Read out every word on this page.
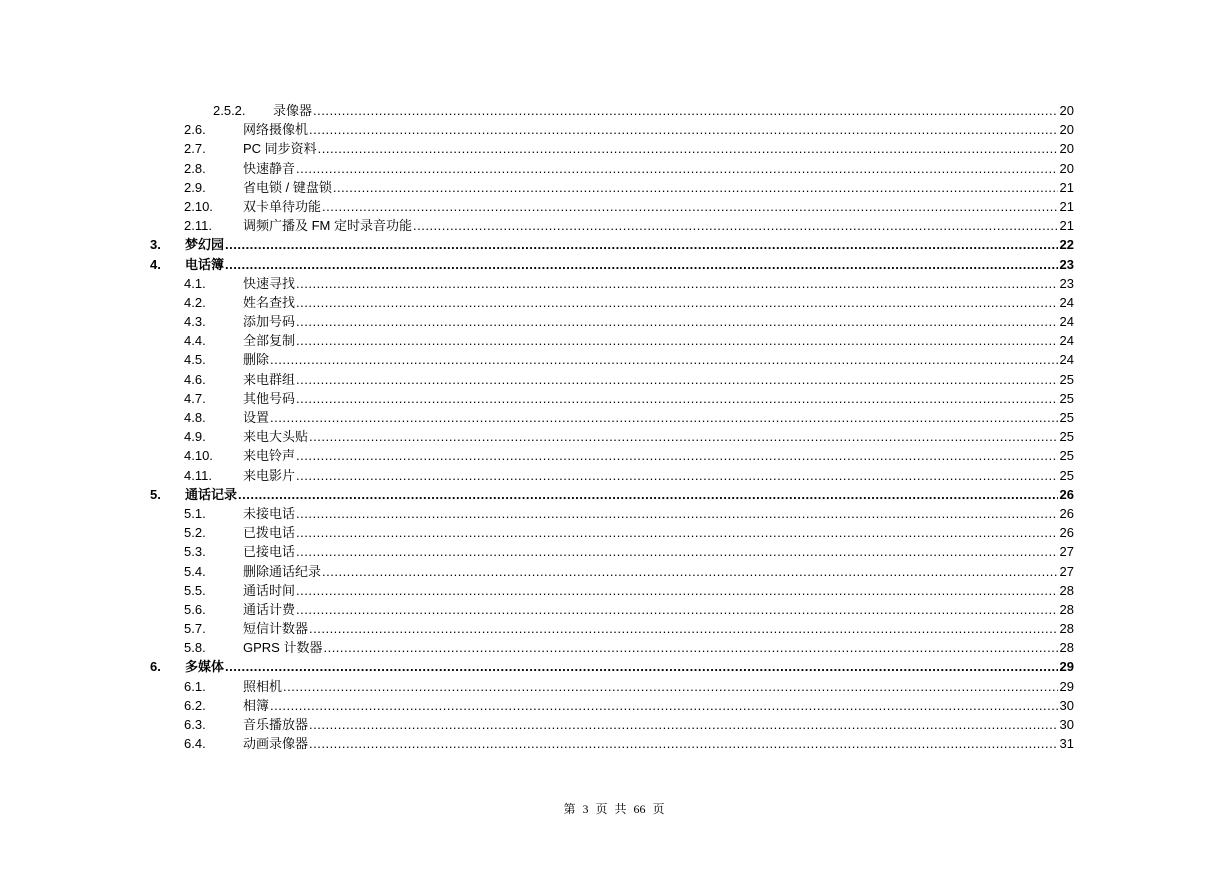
2.5.2. 录像器 .....	20
2.6.	网络摄像机 .....	20
2.7.	PC 同步资料 .....	20
2.8.	快速静音 .....	20
2.9.	省电锁 / 键盘锁 .....	21
2.10. 双卡单待功能 .....	21
2.11. 调频广播及 FM 定时录音功能 .....	21
3. 梦幻园 .....	22
4. 电话簿 .....	23
4.1.	快速寻找 .....	23
4.2.	姓名查找 .....	24
4.3.	添加号码 .....	24
4.4.	全部复制 .....	24
4.5.	删除 .....	24
4.6.	来电群组 .....	25
4.7.	其他号码 .....	25
4.8.	设置 .....	25
4.9.	来电大头贴 .....	25
4.10. 来电铃声 .....	25
4.11. 来电影片 .....	25
5. 通话记录 .....	26
5.1.	未接电话 .....	26
5.2.	已拨电话 .....	26
5.3.	已接电话 .....	27
5.4.	删除通话纪录 .....	27
5.5.	通话时间 .....	28
5.6.	通话计费 .....	28
5.7.	短信计数器 .....	28
5.8.	GPRS 计数器 .....	28
6. 多媒体 .....	29
6.1.	照相机 .....	29
6.2.	相簿 .....	30
6.3.	音乐播放器 .....	30
6.4.	动画录像器 .....	31
第 3 页 共 66 页
